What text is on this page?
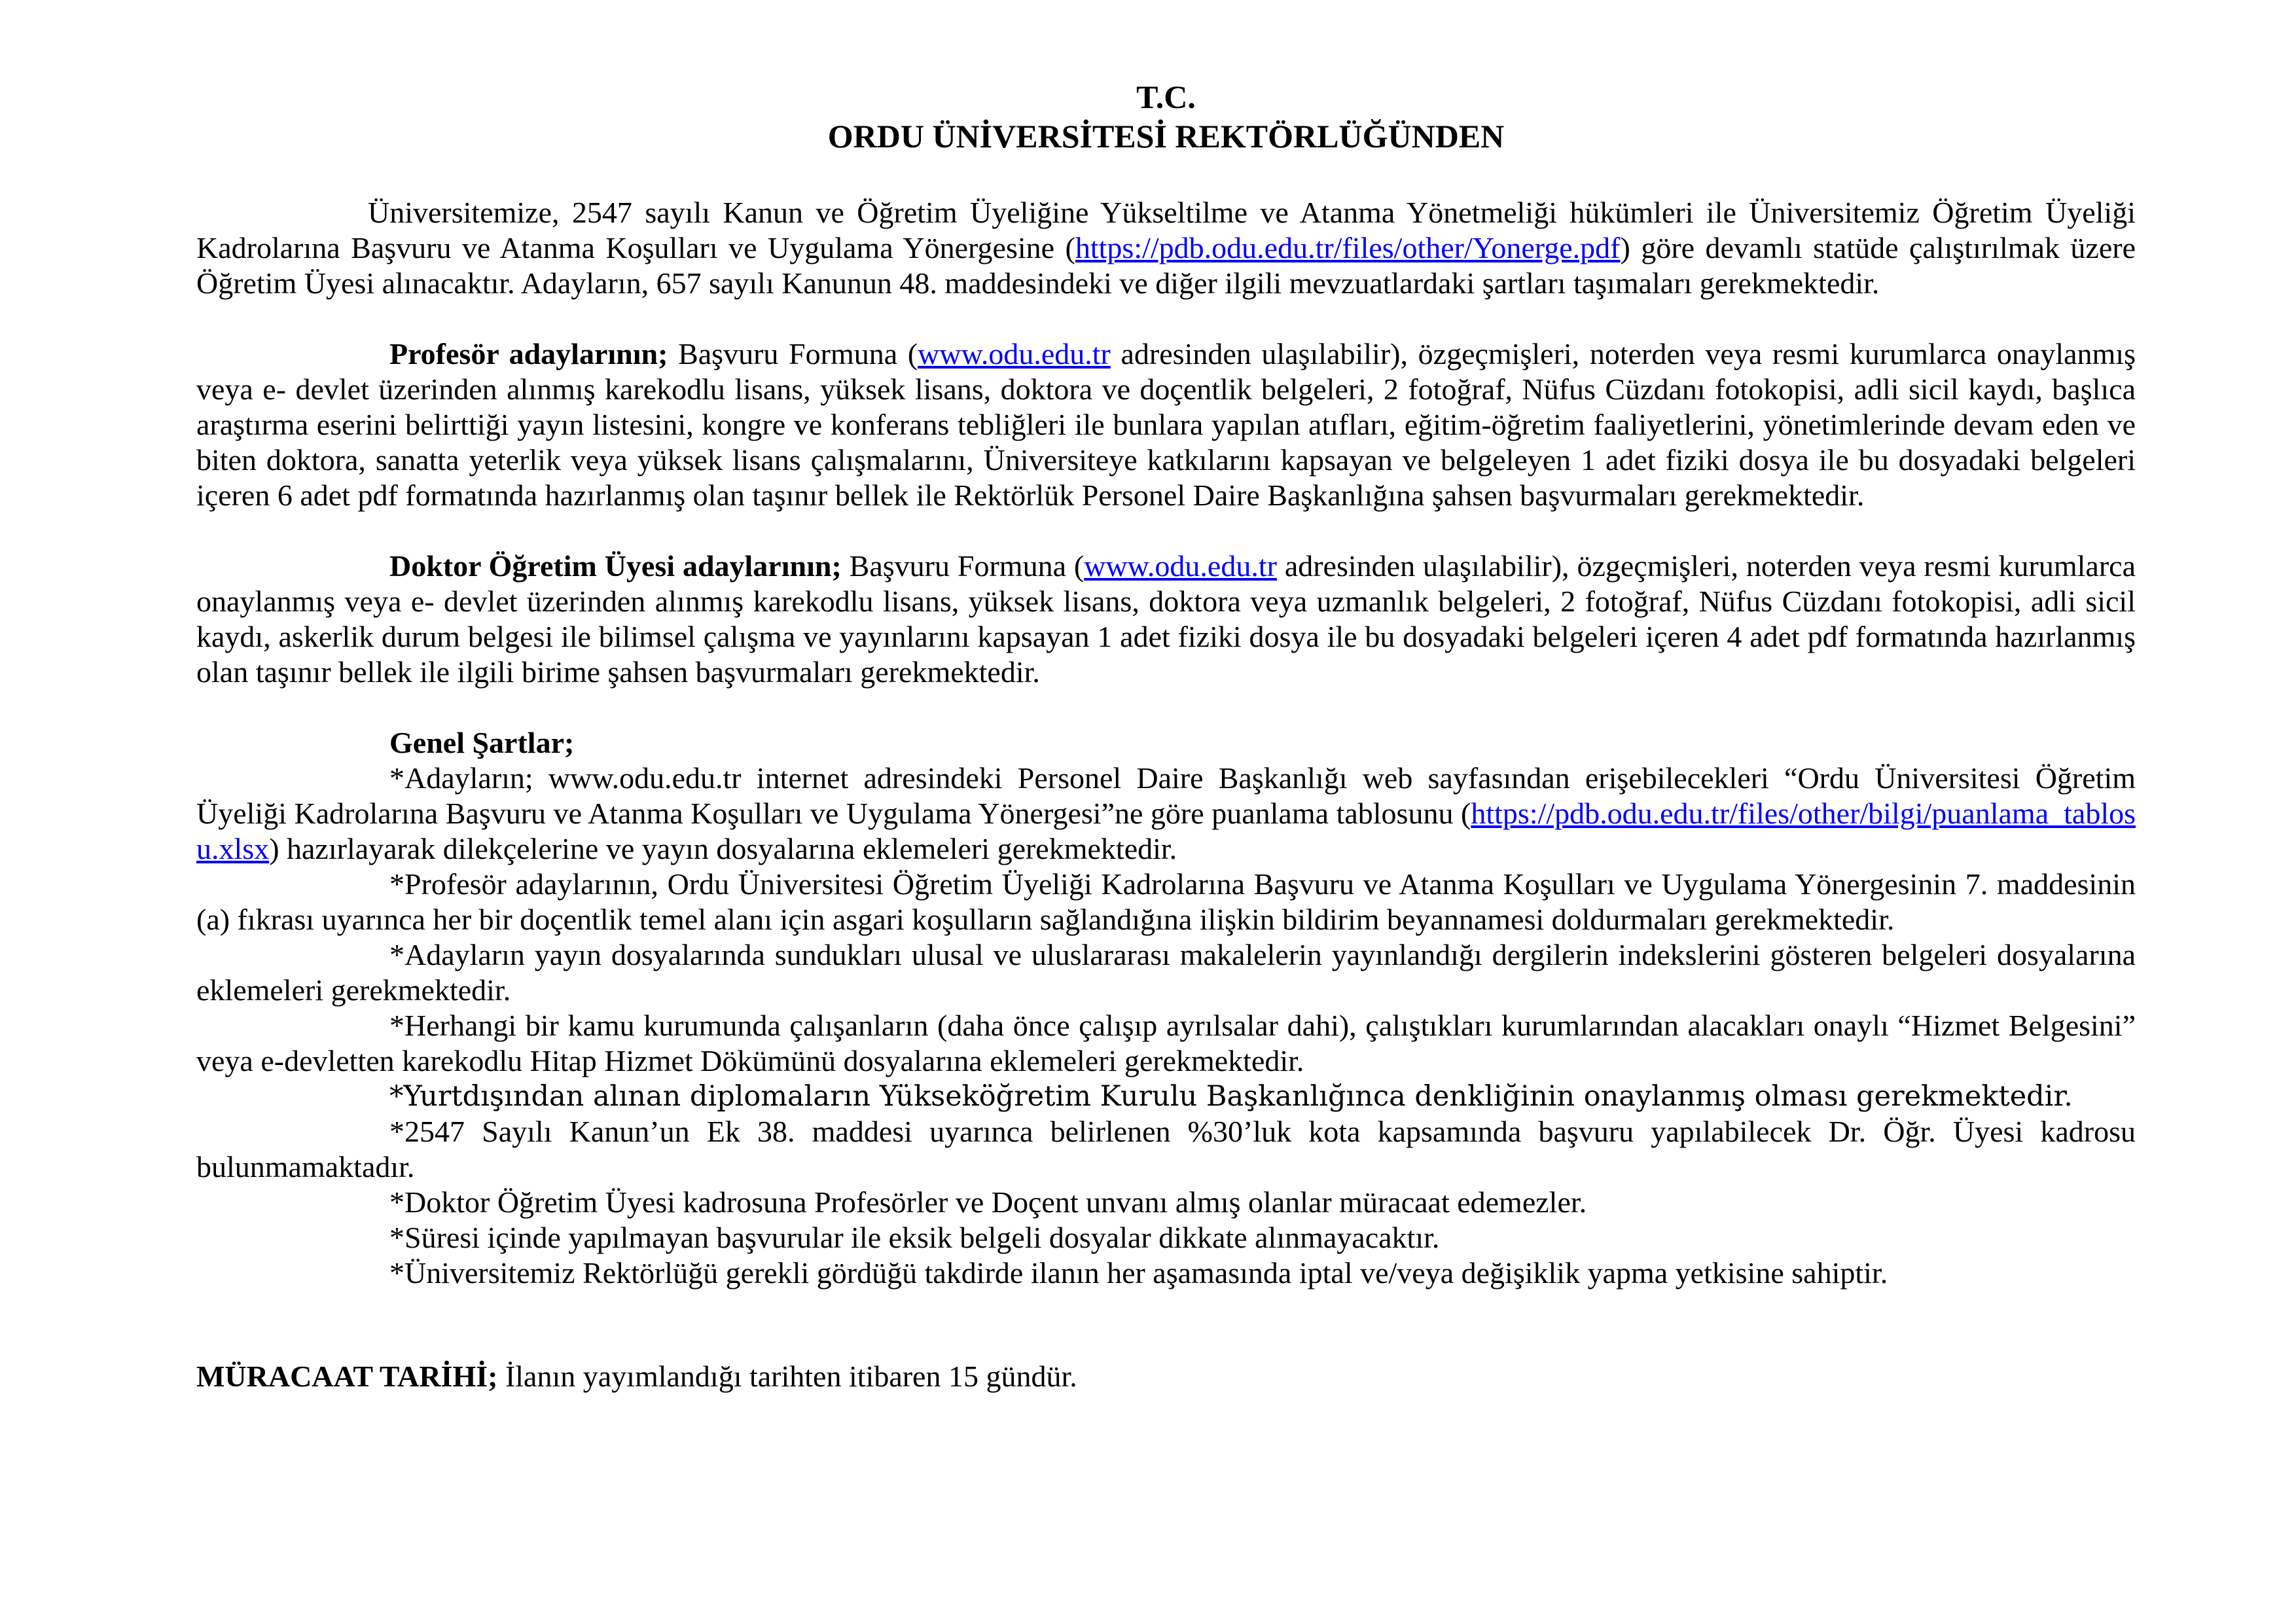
T.C.
ORDU ÜNİVERSİTESİ REKTÖRLÜĞÜNDEN

Üniversitemize, 2547 sayılı Kanun ve Öğretim Üyeliğine Yükseltilme ve Atanma Yönetmeliği hükümleri ile Üniversitemiz Öğretim Üyeliği Kadrolarına Başvuru ve Atanma Koşulları ve Uygulama Yönergesine (https://pdb.odu.edu.tr/files/other/Yonerge.pdf) göre devamlı statüde çalıştırılmak üzere Öğretim Üyesi alınacaktır. Adayların, 657 sayılı Kanunun 48. maddesindeki ve diğer ilgili mevzuatlardaki şartları taşımaları gerekmektedir.

Profesör adaylarının; Başvuru Formuna (www.odu.edu.tr adresinden ulaşılabilir), özgeçmişleri, noterden veya resmi kurumlarca onaylanmış veya e- devlet üzerinden alınmış karekodlu lisans, yüksek lisans, doktora ve doçentlik belgeleri, 2 fotoğraf, Nüfus Cüzdanı fotokopisi, adli sicil kaydı, başlıca araştırma eserini belirttiği yayın listesini, kongre ve konferans tebliğleri ile bunlara yapılan atıfları, eğitim-öğretim faaliyetlerini, yönetimlerinde devam eden ve biten doktora, sanatta yeterlik veya yüksek lisans çalışmalarını, Üniversiteye katkılarını kapsayan ve belgeleyen 1 adet fiziki dosya ile bu dosyadaki belgeleri içeren 6 adet pdf formatında hazırlanmış olan taşınır bellek ile Rektörlük Personel Daire Başkanlığına şahsen başvurmaları gerekmektedir.

Doktor Öğretim Üyesi adaylarının; Başvuru Formuna (www.odu.edu.tr adresinden ulaşılabilir), özgeçmişleri, noterden veya resmi kurumlarca onaylanmış veya e- devlet üzerinden alınmış karekodlu lisans, yüksek lisans, doktora veya uzmanlık belgeleri, 2 fotoğraf, Nüfus Cüzdanı fotokopisi, adli sicil kaydı, askerlik durum belgesi ile bilimsel çalışma ve yayınlarını kapsayan 1 adet fiziki dosya ile bu dosyadaki belgeleri içeren 4 adet pdf formatında hazırlanmış olan taşınır bellek ile ilgili birime şahsen başvurmaları gerekmektedir.

Genel Şartlar;

*Adayların; www.odu.edu.tr internet adresindeki Personel Daire Başkanlığı web sayfasından erişebilecekleri “Ordu Üniversitesi Öğretim Üyeliği Kadrolarına Başvuru ve Atanma Koşulları ve Uygulama Yönergesi”ne göre puanlama tablosunu (https://pdb.odu.edu.tr/files/other/bilgi/puanlama_tablosu.xlsx) hazırlayarak dilekçelerine ve yayın dosyalarına eklemeleri gerekmektedir.

*Profesör adaylarının, Ordu Üniversitesi Öğretim Üyeliği Kadrolarına Başvuru ve Atanma Koşulları ve Uygulama Yönergesinin 7. maddesinin (a) fıkrası uyarınca her bir doçentlik temel alanı için asgari koşulların sağlandığına ilişkin bildirim beyannamesi doldurmaları gerekmektedir.

*Adayların yayın dosyalarında sundukları ulusal ve uluslararası makalelerin yayınlandığı dergilerin indekslerini gösteren belgeleri dosyalarına eklemeleri gerekmektedir.

*Herhangi bir kamu kurumunda çalışanların (daha önce çalışıp ayrılsalar dahi), çalıştıkları kurumlarından alacakları onaylı “Hizmet Belgesini” veya e-devletten karekodlu Hitap Hizmet Dökümünü dosyalarına eklemeleri gerekmektedir.

*Yurtdışından alınan diplomaların Yükseköğretim Kurulu Başkanlığınca denkliğinin onaylanmış olması gerekmektedir.

*2547 Sayılı Kanun’un Ek 38. maddesi uyarınca belirlenen %30’luk kota kapsamında başvuru yapılabilecek Dr. Öğr. Üyesi kadrosu bulunmamaktadır.

*Doktor Öğretim Üyesi kadrosuna Profesörler ve Doçent unvanı almış olanlar müracaat edemezler.

*Süresi içinde yapılmayan başvurular ile eksik belgeli dosyalar dikkate alınmayacaktır.

*Üniversitemiz Rektörlüğü gerekli gördüğü takdirde ilanın her aşamasında iptal ve/veya değişiklik yapma yetkisine sahiptir.

MÜRACAAT TARİHİ; İlanın yayımlandığı tarihten itibaren 15 gündür.
